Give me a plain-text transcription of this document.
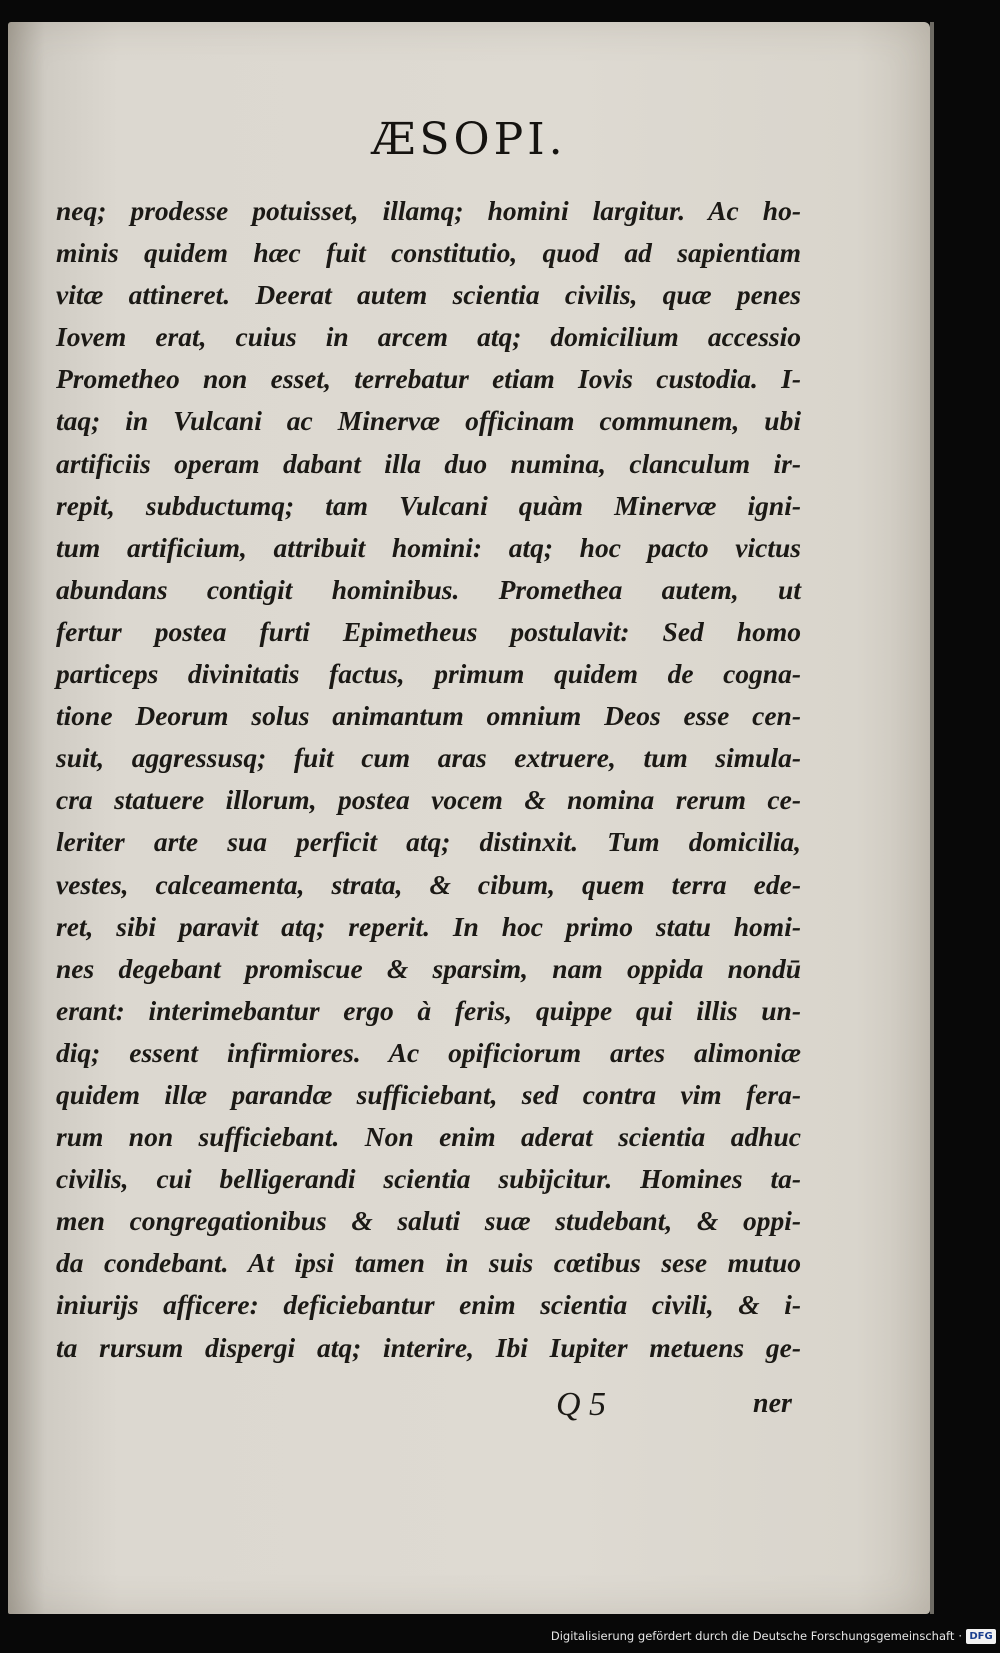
ÆSOPI.
neq; prodesse potuisset, illamq; homini largitur. Ac ho-
minis quidem hæc fuit constitutio, quod ad sapientiam
vitæ attineret. Deerat autem scientia civilis, quæ penes
Iovem erat, cuius in arcem atq; domicilium accessio
Prometheo non esset, terrebatur etiam Iovis custodia. I-
taq; in Vulcani ac Minervæ officinam communem, ubi
artificiis operam dabant illa duo numina, clanculum ir-
repit, subductumq; tam Vulcani quàm Minervæ igni-
tum artificium, attribuit homini: atq; hoc pacto victus
abundans contigit hominibus. Promethea autem, ut
fertur postea furti Epimetheus postulavit: Sed homo
particeps divinitatis factus, primum quidem de cogna-
tione Deorum solus animantum omnium Deos esse cen-
suit, aggressusq; fuit cum aras extruere, tum simula-
cra statuere illorum, postea vocem & nomina rerum ce-
leriter arte sua perficit atq; distinxit. Tum domicilia,
vestes, calceamenta, strata, & cibum, quem terra ede-
ret, sibi paravit atq; reperit. In hoc primo statu homi-
nes degebant promiscue & sparsim, nam oppida nondū
erant: interimebantur ergo à feris, quippe qui illis un-
diq; essent infirmiores. Ac opificiorum artes alimoniæ
quidem illæ parandæ sufficiebant, sed contra vim fera-
rum non sufficiebant. Non enim aderat scientia adhuc
civilis, cui belligerandi scientia subijcitur. Homines ta-
men congregationibus & saluti suæ studebant, & oppi-
da condebant. At ipsi tamen in suis cœtibus sese mutuo
iniurijs afficere: deficiebantur enim scientia civili, & i-
ta rursum dispergi atq; interire, Ibi Iupiter metuens ge-
Q 5	ner
Digitalisierung gefördert durch die Deutsche Forschungsgemeinschaft · DFG
